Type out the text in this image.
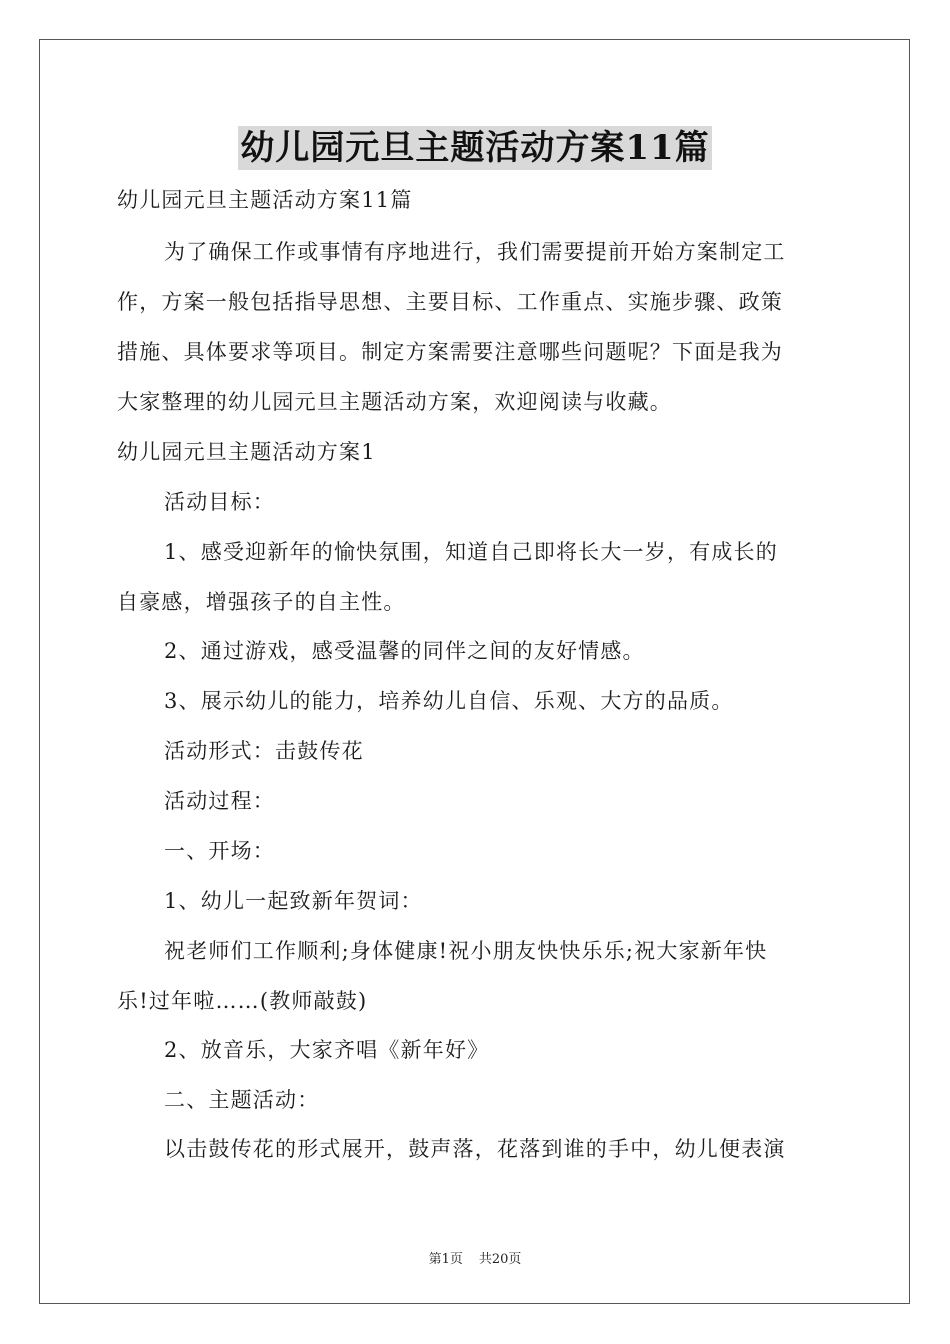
幼儿园元旦主题活动方案11篇
幼儿园元旦主题活动方案11篇
为了确保工作或事情有序地进行，我们需要提前开始方案制定工
作，方案一般包括指导思想、主要目标、工作重点、实施步骤、政策
措施、具体要求等项目。制定方案需要注意哪些问题呢？下面是我为
大家整理的幼儿园元旦主题活动方案，欢迎阅读与收藏。
幼儿园元旦主题活动方案1
活动目标：
1、感受迎新年的愉快氛围，知道自己即将长大一岁，有成长的
自豪感，增强孩子的自主性。
2、通过游戏，感受温馨的同伴之间的友好情感。
3、展示幼儿的能力，培养幼儿自信、乐观、大方的品质。
活动形式：击鼓传花
活动过程：
一、开场：
1、幼儿一起致新年贺词：
祝老师们工作顺利;身体健康!祝小朋友快快乐乐;祝大家新年快
乐!过年啦……(教师敲鼓)
2、放音乐，大家齐唱《新年好》
二、主题活动：
以击鼓传花的形式展开，鼓声落，花落到谁的手中，幼儿便表演
第1页 共20页
